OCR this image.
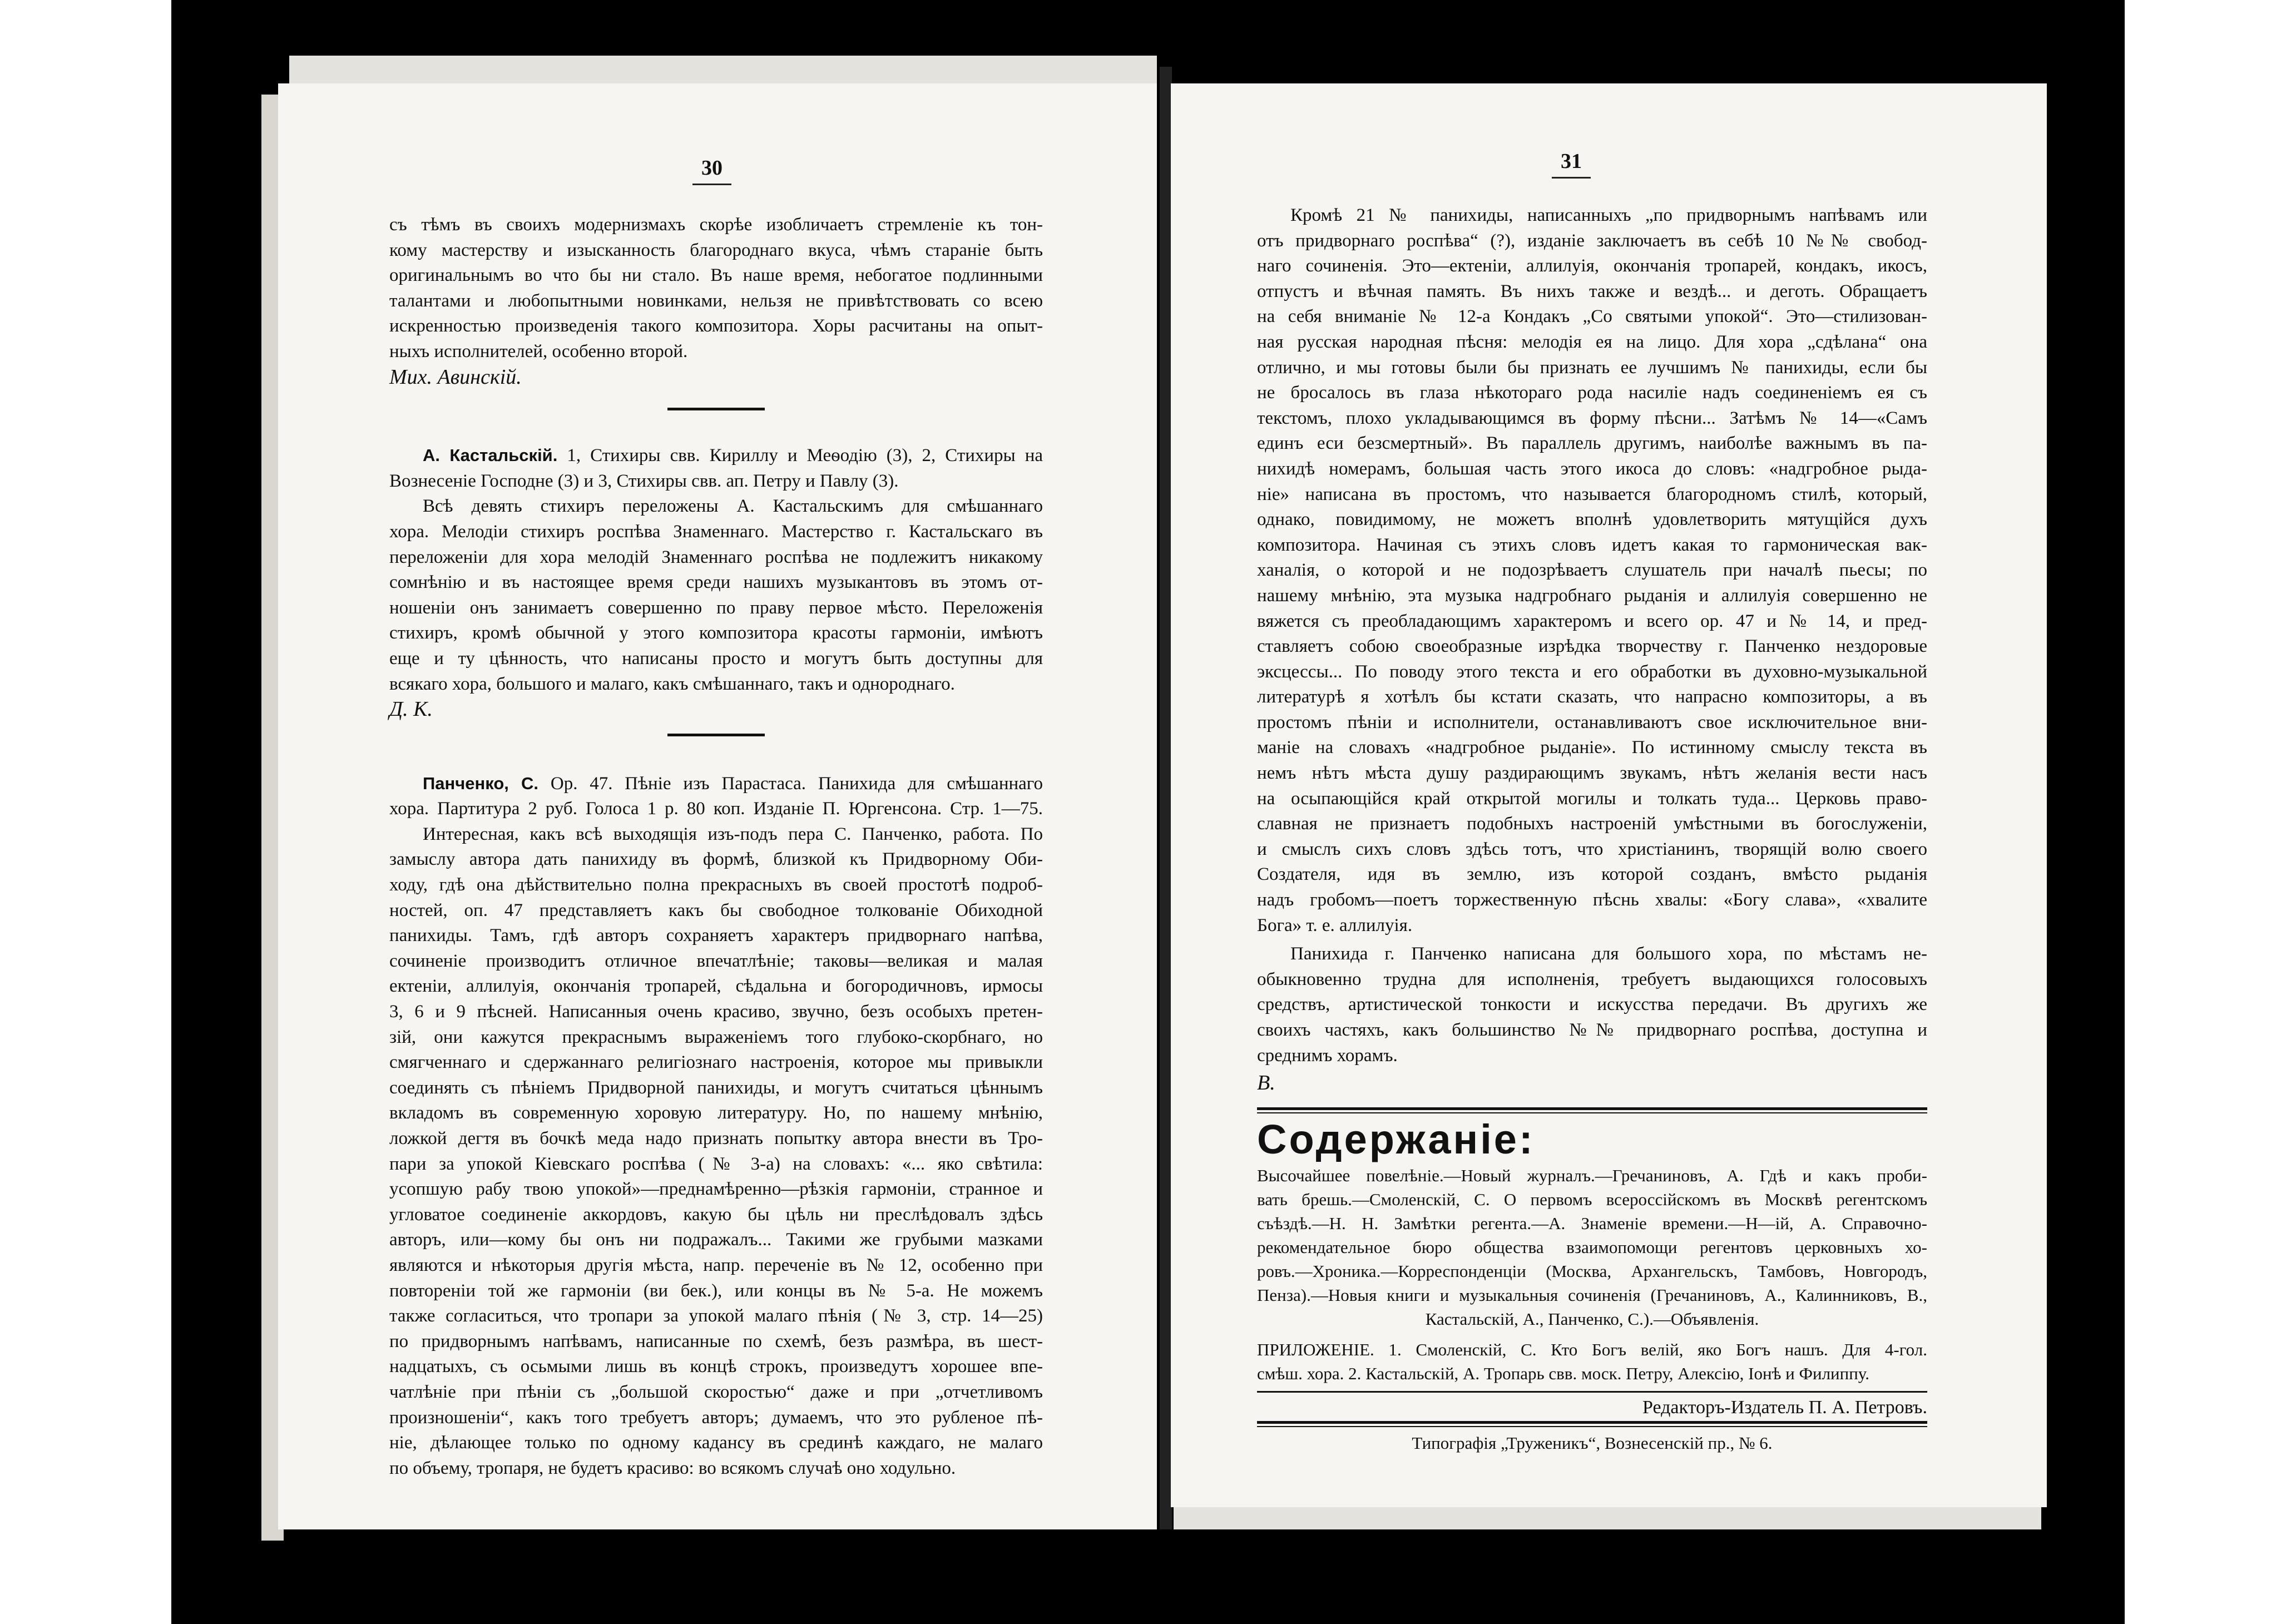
30

съ тѣмъ въ своихъ модернизмахъ скорѣе изобличаетъ стремленіе къ тон-

кому мастерству и изысканность благороднаго вкуса, чѣмъ стараніе быть

оригинальнымъ во что бы ни стало. Въ наше время, небогатое подлинными

талантами и любопытными новинками, нельзя не привѣтствовать со всею

искренностью произведенія такого композитора. Хоры расчитаны на опыт-

ныхъ исполнителей, особенно второй.

Мих. Авинскій.

А. Кастальскій. 1, Стихиры свв. Кириллу и Меѳодію (3), 2, Стихиры на

Вознесеніе Господне (3) и 3, Стихиры свв. ап. Петру и Павлу (3).

Всѣ девять стихиръ переложены А. Кастальскимъ для смѣшаннаго

хора. Мелодіи стихиръ роспѣва Знаменнаго. Мастерство г. Кастальскаго въ

переложеніи для хора мелодій Знаменнаго роспѣва не подлежитъ никакому

сомнѣнію и въ настоящее время среди нашихъ музыкантовъ въ этомъ от-

ношеніи онъ занимаетъ совершенно по праву первое мѣсто. Переложенія

стихиръ, кромѣ обычной у этого композитора красоты гармоніи, имѣютъ

еще и ту цѣнность, что написаны просто и могутъ быть доступны для

всякаго хора, большого и малаго, какъ смѣшаннаго, такъ и однороднаго.

Д. К.

Панченко, С. Op. 47. Пѣніе изъ Парастаса. Панихида для смѣшаннаго

хора. Партитура 2 руб. Голоса 1 р. 80 коп. Изданіе П. Юргенсона. Стр. 1—75.

Интересная, какъ всѣ выходящія изъ-подъ пера С. Панченко, работа. По

замыслу автора дать панихиду въ формѣ, близкой къ Придворному Оби-

ходу, гдѣ она дѣйствительно полна прекрасныхъ въ своей простотѣ подроб-

ностей, оп. 47 представляетъ какъ бы свободное толкованіе Обиходной

панихиды. Тамъ, гдѣ авторъ сохраняетъ характеръ придворнаго напѣва,

сочиненіе производитъ отличное впечатлѣніе; таковы—великая и малая

ектеніи, аллилуія, окончанія тропарей, сѣдальна и богородичновъ, ирмосы

3, 6 и 9 пѣсней. Написанныя очень красиво, звучно, безъ особыхъ претен-

зій, они кажутся прекраснымъ выраженіемъ того глубоко-скорбнаго, но

смягченнаго и сдержаннаго религіознаго настроенія, которое мы привыкли

соединять съ пѣніемъ Придворной панихиды, и могутъ считаться цѣннымъ

вкладомъ въ современную хоровую литературу. Но, по нашему мнѣнію,

ложкой дегтя въ бочкѣ меда надо признать попытку автора внести въ Тро-

пари за упокой Кіевскаго роспѣва (№ 3-а) на словахъ: «... яко свѣтила:

усопшую рабу твою упокой»—преднамѣренно—рѣзкія гармоніи, странное и

угловатое соединеніе аккордовъ, какую бы цѣль ни преслѣдовалъ здѣсь

авторъ, или—кому бы онъ ни подражалъ... Такими же грубыми мазками

являются и нѣкоторыя другія мѣста, напр. переченіе въ № 12, особенно при

повтореніи той же гармоніи (ви бек.), или концы въ № 5-а. Не можемъ

также согласиться, что тропари за упокой малаго пѣнія (№ 3, стр. 14—25)

по придворнымъ напѣвамъ, написанные по схемѣ, безъ размѣра, въ шест-

надцатыхъ, съ осьмыми лишь въ концѣ строкъ, произведутъ хорошее впе-

чатлѣніе при пѣніи съ „большой скоростью“ даже и при „отчетливомъ

произношеніи“, какъ того требуетъ авторъ; думаемъ, что это рубленое пѣ-

ніе, дѣлающее только по одному кадансу въ срединѣ каждаго, не малаго

по объему, тропаря, не будетъ красиво: во всякомъ случаѣ оно ходульно.

31

Кромѣ 21 № панихиды, написанныхъ „по придворнымъ напѣвамъ или

отъ придворнаго роспѣва“ (?), изданіе заключаетъ въ себѣ 10 №№ свобод-

наго сочиненія. Это—ектеніи, аллилуія, окончанія тропарей, кондакъ, икосъ,

отпустъ и вѣчная память. Въ нихъ также и вездѣ... и деготь. Обращаетъ

на себя вниманіе № 12-а Кондакъ „Со святыми упокой“. Это—стилизован-

ная русская народная пѣсня: мелодія ея на лицо. Для хора „сдѣлана“ она

отлично, и мы готовы были бы признать ее лучшимъ № панихиды, если бы

не бросалось въ глаза нѣкотораго рода насиліе надъ соединеніемъ ея съ

текстомъ, плохо укладывающимся въ форму пѣсни... Затѣмъ № 14—«Самъ

единъ еси безсмертный». Въ параллель другимъ, наиболѣе важнымъ въ па-

нихидѣ номерамъ, большая часть этого икоса до словъ: «надгробное рыда-

ніе» написана въ простомъ, что называется благородномъ стилѣ, который,

однако, повидимому, не можетъ вполнѣ удовлетворить мятущійся духъ

композитора. Начиная съ этихъ словъ идетъ какая то гармоническая вак-

ханалія, о которой и не подозрѣваетъ слушатель при началѣ пьесы; по

нашему мнѣнію, эта музыка надгробнаго рыданія и аллилуія совершенно не

вяжется съ преобладающимъ характеромъ и всего op. 47 и № 14, и пред-

ставляетъ собою своеобразные изрѣдка творчеству г. Панченко нездоровые

эксцессы... По поводу этого текста и его обработки въ духовно-музыкальной

литературѣ я хотѣлъ бы кстати сказать, что напрасно композиторы, а въ

простомъ пѣніи и исполнители, останавливаютъ свое исключительное вни-

маніе на словахъ «надгробное рыданіе». По истинному смыслу текста въ

немъ нѣтъ мѣста душу раздирающимъ звукамъ, нѣтъ желанія вести насъ

на осыпающійся край открытой могилы и толкать туда... Церковь право-

славная не признаетъ подобныхъ настроеній умѣстными въ богослуженіи,

и смыслъ сихъ словъ здѣсь тотъ, что христіанинъ, творящій волю своего

Создателя, идя въ землю, изъ которой созданъ, вмѣсто рыданія

надъ гробомъ—поетъ торжественную пѣснь хвалы: «Богу слава», «хвалите

Бога» т. е. аллилуія.

Панихида г. Панченко написана для большого хора, по мѣстамъ не-

обыкновенно трудна для исполненія, требуетъ выдающихся голосовыхъ

средствъ, артистической тонкости и искусства передачи. Въ другихъ же

своихъ частяхъ, какъ большинство №№ придворнаго роспѣва, доступна и

среднимъ хорамъ.

В.

Содержаніе:

Высочайшее повелѣніе.—Новый журналъ.—Гречаниновъ, А. Гдѣ и какъ проби-

вать брешь.—Смоленскій, С. О первомъ всероссійскомъ въ Москвѣ регентскомъ

съѣздѣ.—Н. Н. Замѣтки регента.—А. Знаменіе времени.—Н—ій, А. Справочно-

рекомендательное бюро общества взаимопомощи регентовъ церковныхъ хо-

ровъ.—Хроника.—Корреспонденціи (Москва, Архангельскъ, Тамбовъ, Новгородъ,

Пенза).—Новыя книги и музыкальныя сочиненія (Гречаниновъ, А., Калинниковъ, В.,

Кастальскій, А., Панченко, С.).—Объявленія.

ПРИЛОЖЕНІЕ. 1. Смоленскій, С. Кто Богъ велій, яко Богъ нашъ. Для 4-гол.

смѣш. хора. 2. Кастальскій, А. Тропарь свв. моск. Петру, Алексію, Іонѣ и Филиппу.

Редакторъ-Издатель П. А. Петровъ.

Типографія „Труженикъ“, Вознесенскій пр., № 6.
